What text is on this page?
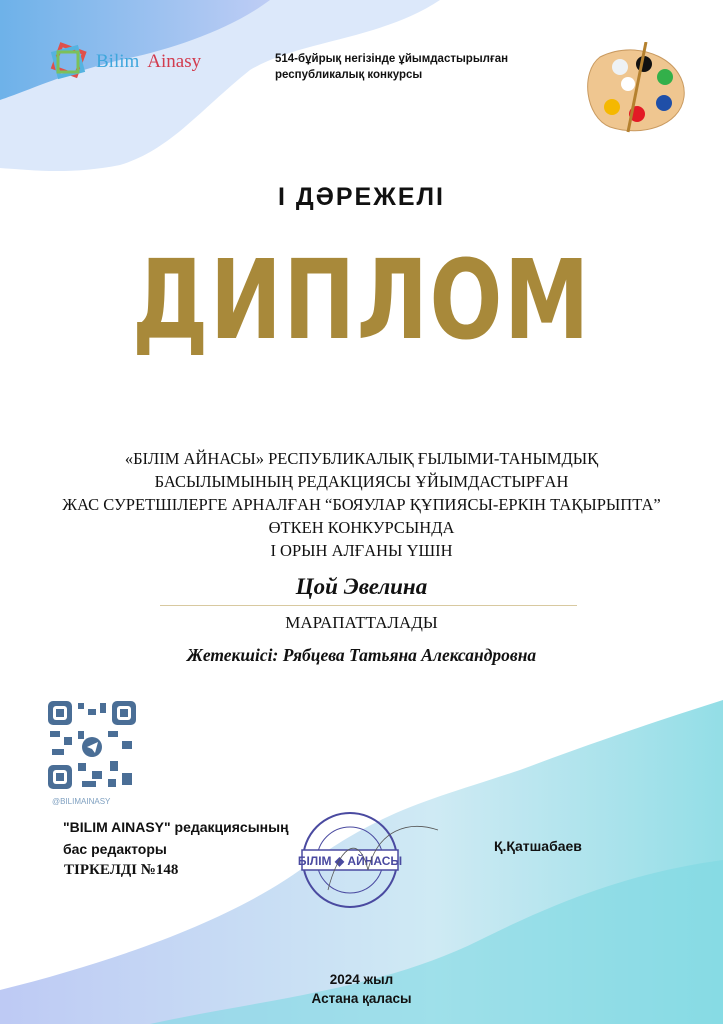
Bilim Ainasy	514-бұйрық негізінде ұйымдастырылған
республикалық конкурсы
І ДӘРЕЖЕЛІ
ДИПЛОМ
«БІЛІМ АЙНАСЫ» РЕСПУБЛИКАЛЫҚ ҒЫЛЫМИ-ТАНЫМДЫҚ
БАСЫЛЫМЫНЫҢ РЕДАКЦИЯСЫ ҰЙЫМДАСТЫРҒАН
ЖАС СУРЕТШІЛЕРГЕ АРНАЛҒАН “БОЯУЛАР ҚҰПИЯСЫ-ЕРКІН ТАҚЫРЫПТА”
ӨТКЕН КОНКУРСЫНДА
І ОРЫН АЛҒАНЫ ҮШІН
Цой Эвелина
МАРАПАТТАЛАДЫ
Жетекшісі: Рябцева Татьяна Александровна
@BILIMAINASY
"BILIM AINASY" редакциясының
бас редакторы
ТІРКЕЛДІ №148
БІЛІМ ◆ АЙНАСЫ
Қ.Қатшабаев
2024 жыл
Астана қаласы
